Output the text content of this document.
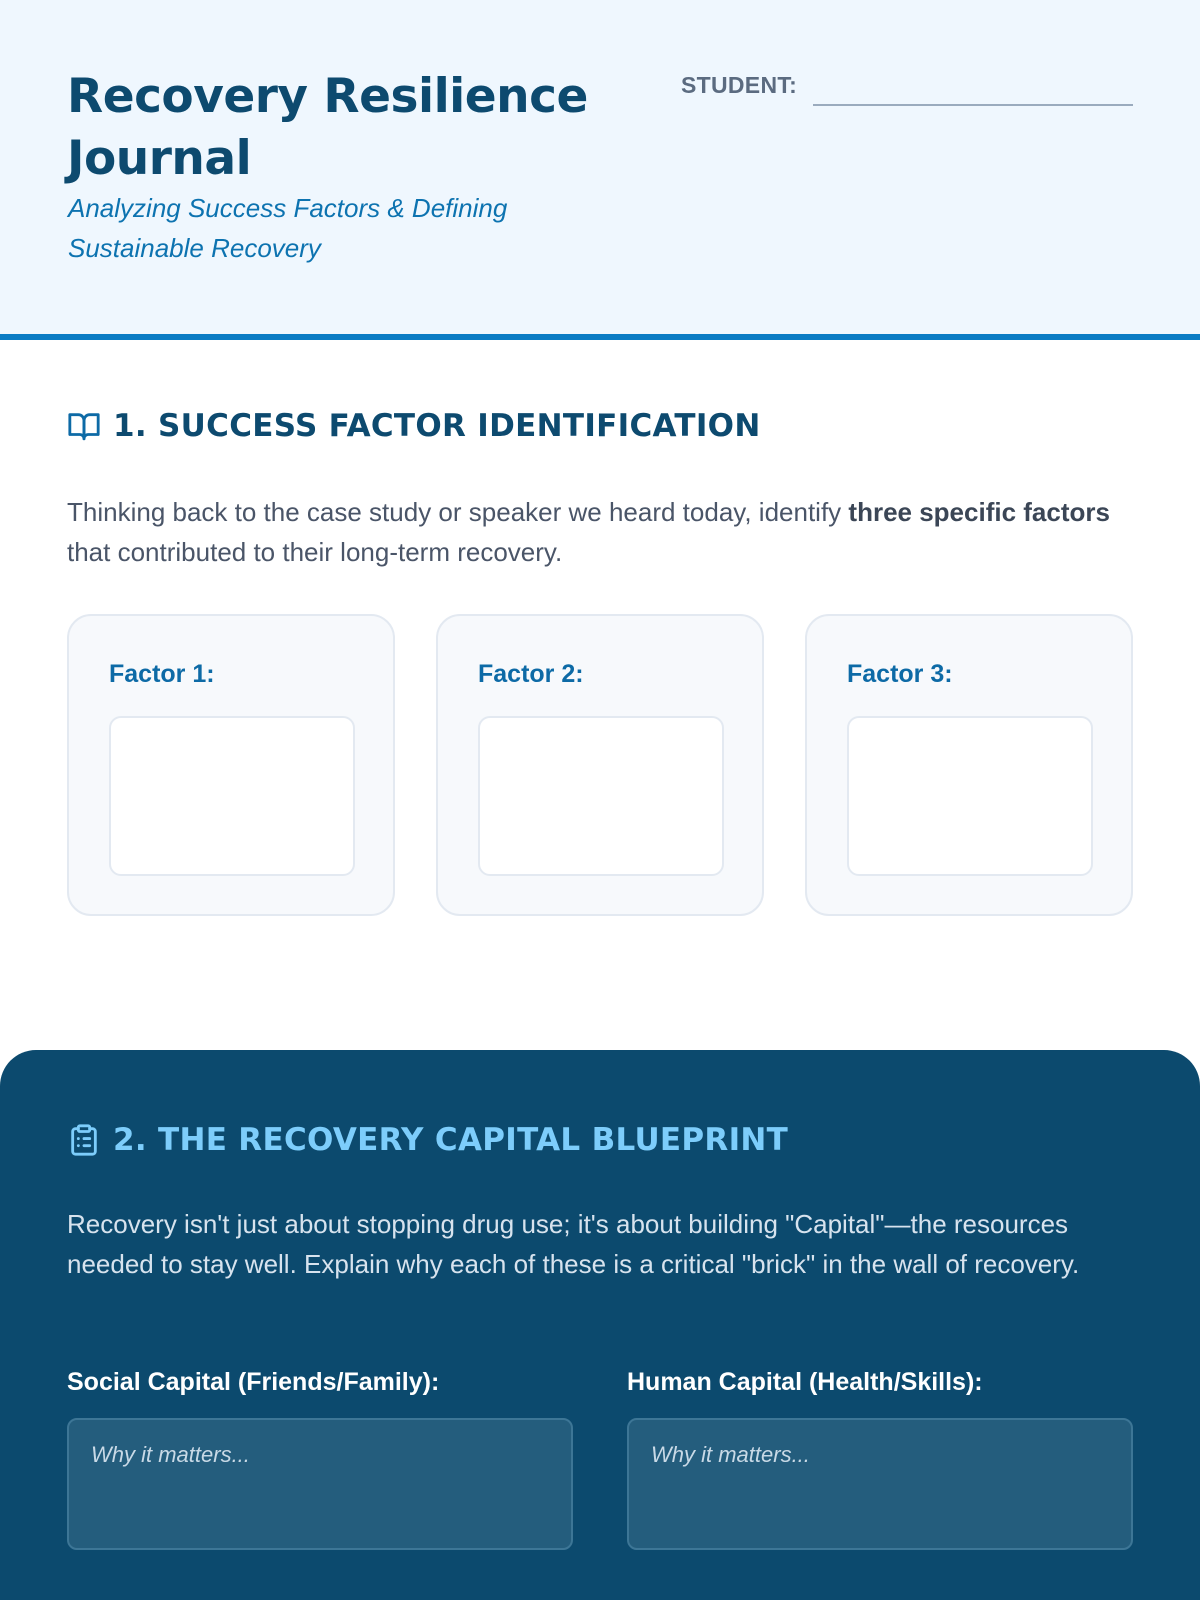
Recovery Resilience Journal
Analyzing Success Factors & Defining Sustainable Recovery
STUDENT:
1. SUCCESS FACTOR IDENTIFICATION
Thinking back to the case study or speaker we heard today, identify three specific factors that contributed to their long-term recovery.
Factor 1:	Factor 2:	Factor 3:
2. THE RECOVERY CAPITAL BLUEPRINT
Recovery isn't just about stopping drug use; it's about building "Capital"—the resources needed to stay well. Explain why each of these is a critical "brick" in the wall of recovery.
Social Capital (Friends/Family):
Why it matters...
Human Capital (Health/Skills):
Why it matters...
